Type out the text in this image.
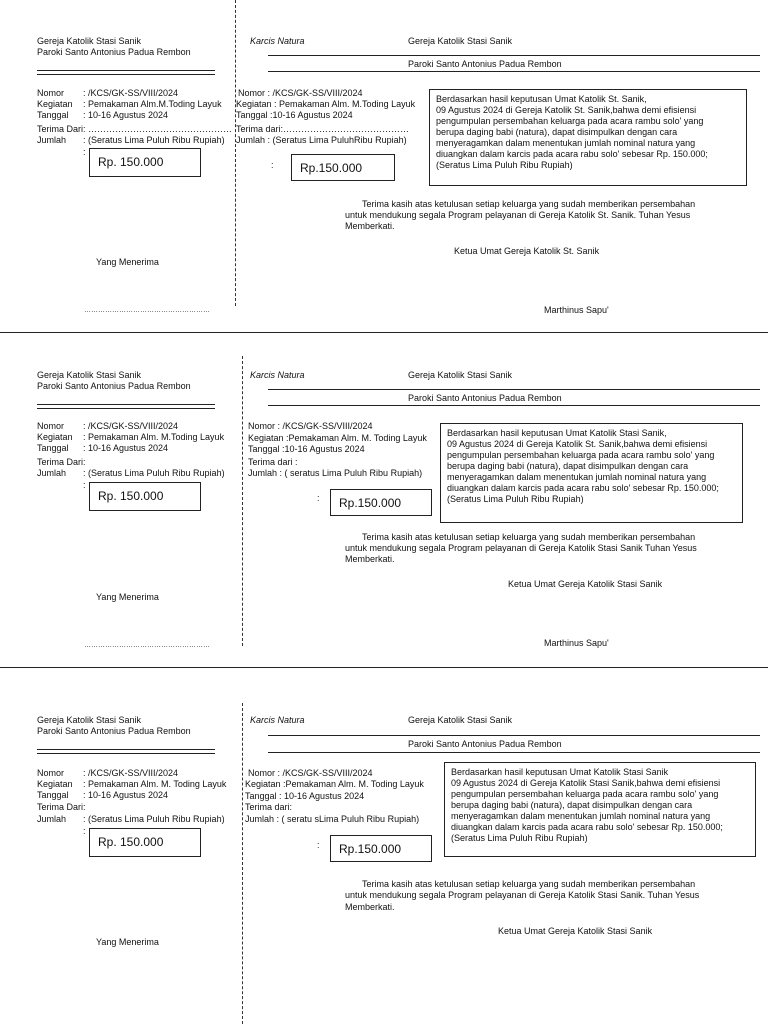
Gereja Katolik Stasi Sanik
Paroki Santo Antonius Padua Rembon
Nomor : /KCS/GK-SS/VIII/2024
Kegiatan : Pemakaman Alm.M.Toding Layuk
Tanggal : 10-16 Agustus 2024
Terima Dari: …………………………………………
Jumlah : (Seratus Lima Puluh Ribu Rupiah)
:
Rp. 150.000
Yang Menerima
………………………………………………
Karcis Natura	Gereja Katolik Stasi Sanik
Paroki Santo Antonius Padua Rembon
Nomor : /KCS/GK-SS/VIII/2024
Kegiatan : Pemakaman Alm. M.Toding Layuk
Tanggal :10-16 Agustus 2024
Terima dari:……………………………………
Jumlah : (Seratus Lima PuluhRibu Rupiah)
:	Rp.150.000
Berdasarkan hasil keputusan Umat Katolik St. Sanik,
09 Agustus 2024 di Gereja Katolik St. Sanik,bahwa demi efisiensi
pengumpulan persembahan keluarga pada acara rambu solo' yang
berupa daging babi (natura), dapat disimpulkan dengan cara
menyeragamkan dalam menentukan jumlah nominal natura yang
diuangkan dalam karcis pada acara rabu solo' sebesar Rp. 150.000;
(Seratus Lima Puluh Ribu Rupiah)
Terima kasih atas ketulusan setiap keluarga yang sudah memberikan persembahan
untuk mendukung segala Program pelayanan di Gereja Katolik St. Sanik. Tuhan Yesus
Memberkati.
Ketua Umat Gereja Katolik St. Sanik
Marthinus Sapu'
Gereja Katolik Stasi Sanik
Paroki Santo Antonius Padua Rembon
Nomor : /KCS/GK-SS/VIII/2024
Kegiatan : Pemakaman Alm. M.Toding Layuk
Tanggal : 10-16 Agustus 2024
Terima Dari:
Jumlah : (Seratus Lima Puluh Ribu Rupiah)
:
Rp. 150.000
Yang Menerima
………………………………………………
Karcis Natura	Gereja Katolik Stasi Sanik
Paroki Santo Antonius Padua Rembon
Nomor : /KCS/GK-SS/VIII/2024
Kegiatan :Pemakaman Alm. M. Toding Layuk
Tanggal :10-16 Agustus 2024
Terima dari :
Jumlah : ( seratus Lima Puluh Ribu Rupiah)
:	Rp.150.000
Berdasarkan hasil keputusan Umat Katolik Stasi Sanik,
09 Agustus 2024 di Gereja Katolik St. Sanik,bahwa demi efisiensi
pengumpulan persembahan keluarga pada acara rambu solo' yang
berupa daging babi (natura), dapat disimpulkan dengan cara
menyeragamkan dalam menentukan jumlah nominal natura yang
diuangkan dalam karcis pada acara rabu solo' sebesar Rp. 150.000;
(Seratus Lima Puluh Ribu Rupiah)
Terima kasih atas ketulusan setiap keluarga yang sudah memberikan persembahan
untuk mendukung segala Program pelayanan di Gereja Katolik Stasi Sanik Tuhan Yesus
Memberkati.
Ketua Umat Gereja Katolik Stasi Sanik
Marthinus Sapu'
Gereja Katolik Stasi Sanik
Paroki Santo Antonius Padua Rembon
Nomor : /KCS/GK-SS/VIII/2024
Kegiatan : Pemakaman Alm. M. Toding Layuk
Tanggal : 10-16 Agustus 2024
Terima Dari:
Jumlah : (Seratus Lima Puluh Ribu Rupiah)
:
Rp. 150.000
Yang Menerima
Karcis Natura	Gereja Katolik Stasi Sanik
Paroki Santo Antonius Padua Rembon
Nomor : /KCS/GK-SS/VIII/2024
Kegiatan :Pemakaman Alm. M. Toding Layuk
Tanggal : 10-16 Agustus 2024
Terima dari:
Jumlah : ( seratu sLima Puluh Ribu Rupiah)
:	Rp.150.000
Berdasarkan hasil keputusan Umat Katolik Stasi Sanik
09 Agustus 2024 di Gereja Katolik Stasi Sanik,bahwa demi efisiensi
pengumpulan persembahan keluarga pada acara rambu solo' yang
berupa daging babi (natura), dapat disimpulkan dengan cara
menyeragamkan dalam menentukan jumlah nominal natura yang
diuangkan dalam karcis pada acara rabu solo' sebesar Rp. 150.000;
(Seratus Lima Puluh Ribu Rupiah)
Terima kasih atas ketulusan setiap keluarga yang sudah memberikan persembahan
untuk mendukung segala Program pelayanan di Gereja Katolik Stasi Sanik. Tuhan Yesus
Memberkati.
Ketua Umat Gereja Katolik Stasi Sanik
